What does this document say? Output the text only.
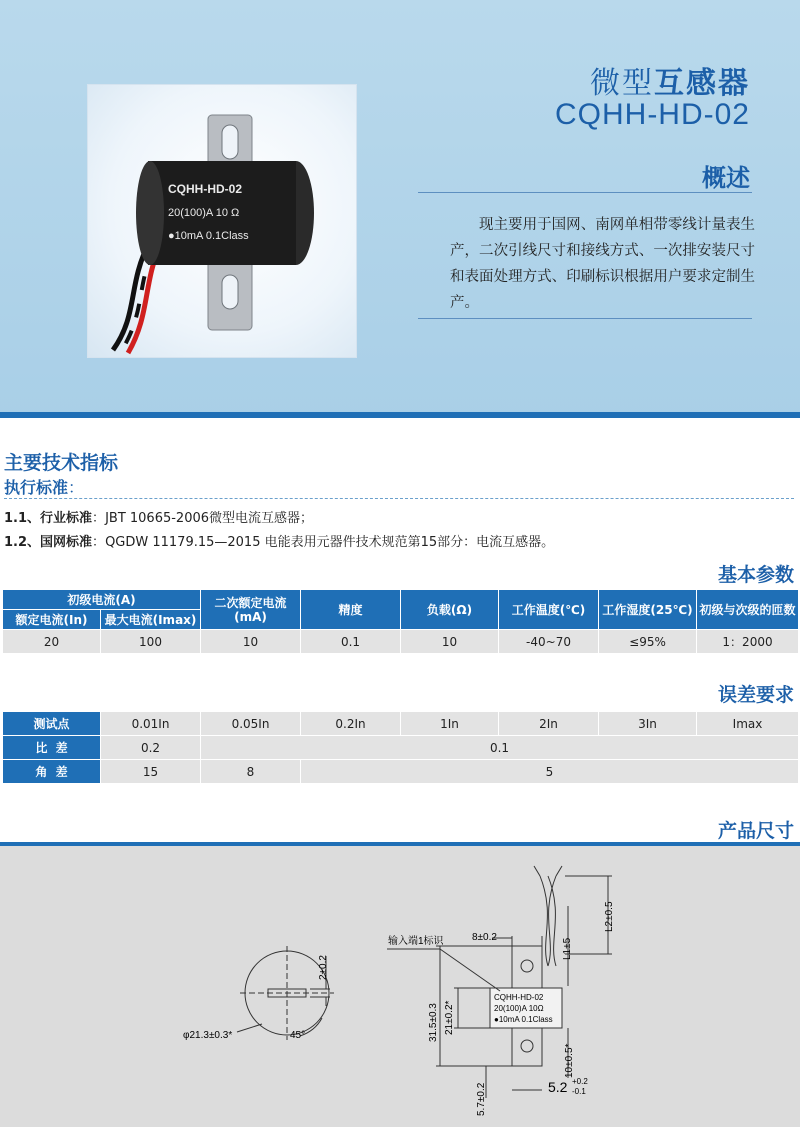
CQHH-HD-02
20(100)A 10 Ω
●10mA 0.1Class
微型互感器
CQHH-HD-02
概述
现主要用于国网、南网单相带零线计量表生产，二次引线尺寸和接线方式、一次排安装尺寸和表面处理方式、印刷标识根据用户要求定制生产。
主要技术指标
执行标准：
1.1、行业标准：JBT 10665-2006微型电流互感器；
1.2、国网标准：QGDW 11179.15—2015 电能表用元器件技术规范第15部分：电流互感器。
基本参数
初级电流(A)		二次额定电流(mA)	精度	负载(Ω)	工作温度(℃)	工作湿度(25℃)	初级与次级的匝数
额定电流(In)	最大电流(Imax)						
20	100	10	0.1	10	-40~70	≤95%	1：2000
误差要求
测试点	0.01In	0.05In	0.2In	1In	2In	3In	Imax
比  差	0.2	0.1					
角  差	15	8	5				
产品尺寸
2±0.2
φ21.3±0.3*	45°
输入端1标识	8±0.2
L1±5
L2±0.5
31.5±0.3 21±0.2*
10±0.5*
5.7±0.2	5.2 +0.2
-0.1
CQHH-HD-02
20(100)A 10Ω
●10mA 0.1Class
